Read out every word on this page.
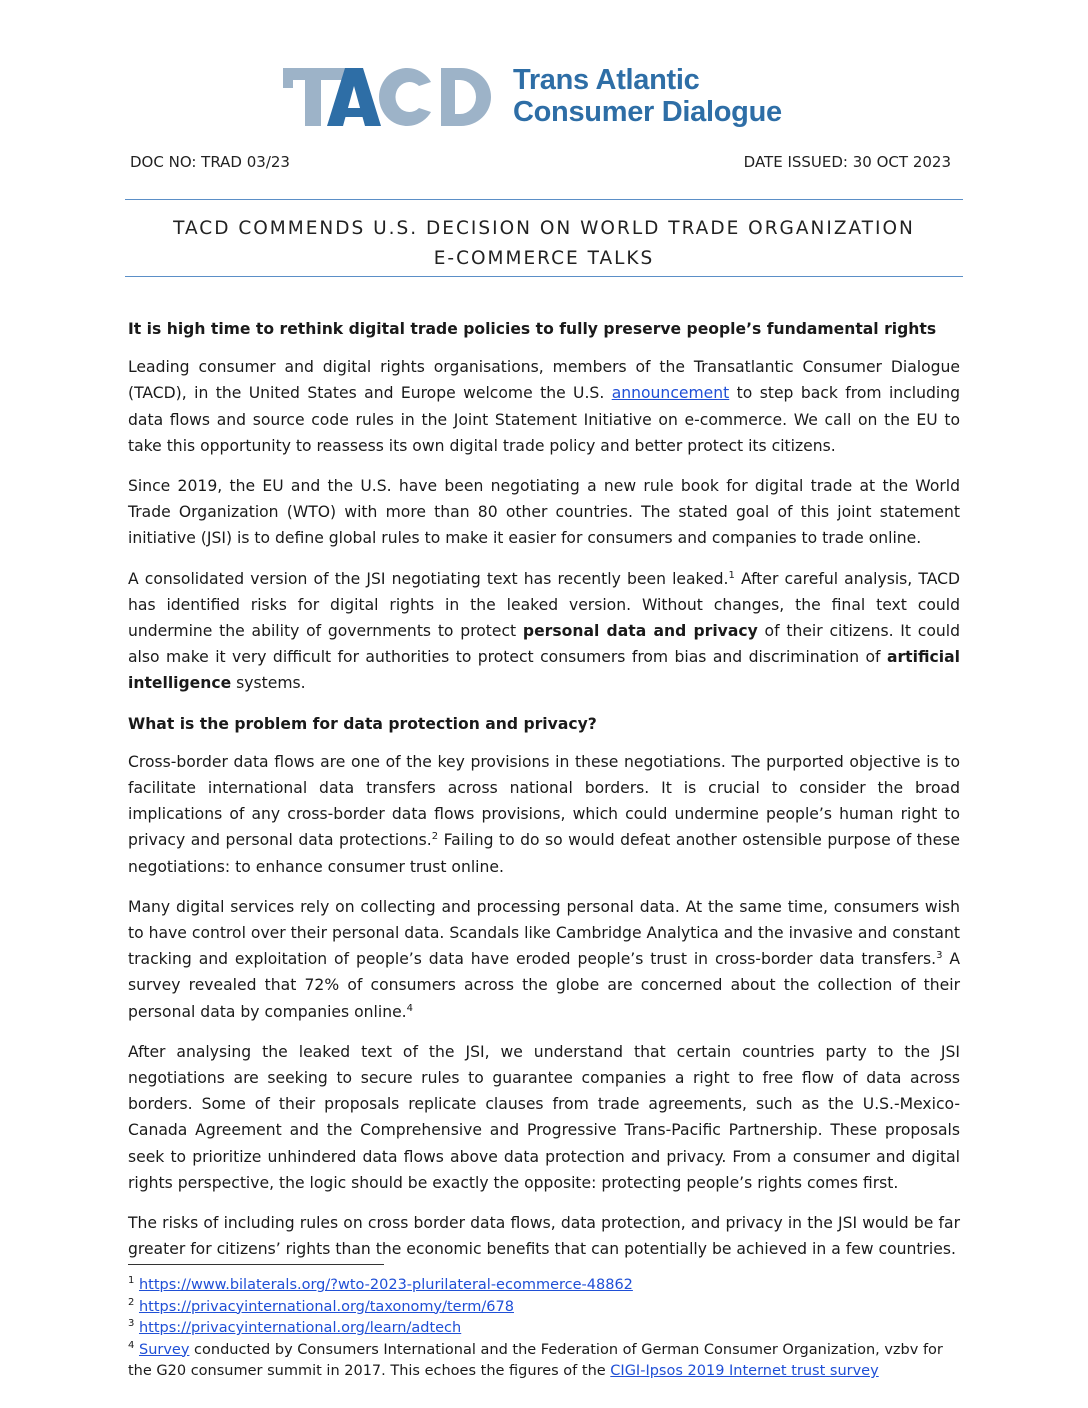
Trans Atlantic
Consumer Dialogue
DOC NO: TRAD 03/23	DATE ISSUED: 30 OCT 2023
TACD COMMENDS U.S. DECISION ON WORLD TRADE ORGANIZATION
E-COMMERCE TALKS

It is high time to rethink digital trade policies to fully preserve people’s fundamental rights

Leading consumer and digital rights organisations, members of the Transatlantic Consumer Dialogue (TACD), in the United States and Europe welcome the U.S. announcement to step back from including data flows and source code rules in the Joint Statement Initiative on e-commerce. We call on the EU to take this opportunity to reassess its own digital trade policy and better protect its citizens.

Since 2019, the EU and the U.S. have been negotiating a new rule book for digital trade at the World Trade Organization (WTO) with more than 80 other countries. The stated goal of this joint statement initiative (JSI) is to define global rules to make it easier for consumers and companies to trade online.

A consolidated version of the JSI negotiating text has recently been leaked.$^1$ After careful analysis, TACD has identified risks for digital rights in the leaked version. Without changes, the final text could undermine the ability of governments to protect personal data and privacy of their citizens. It could also make it very difficult for authorities to protect consumers from bias and discrimination of artificial intelligence systems.

What is the problem for data protection and privacy?

Cross-border data flows are one of the key provisions in these negotiations. The purported objective is to facilitate international data transfers across national borders. It is crucial to consider the broad implications of any cross-border data flows provisions, which could undermine people’s human right to privacy and personal data protections.$^2$ Failing to do so would defeat another ostensible purpose of these negotiations: to enhance consumer trust online.

Many digital services rely on collecting and processing personal data. At the same time, consumers wish to have control over their personal data. Scandals like Cambridge Analytica and the invasive and constant tracking and exploitation of people’s data have eroded people’s trust in cross-border data transfers.$^3$ A survey revealed that 72% of consumers across the globe are concerned about the collection of their personal data by companies online.$^4$

After analysing the leaked text of the JSI, we understand that certain countries party to the JSI negotiations are seeking to secure rules to guarantee companies a right to free flow of data across borders. Some of their proposals replicate clauses from trade agreements, such as the U.S.-Mexico-Canada Agreement and the Comprehensive and Progressive Trans-Pacific Partnership. These proposals seek to prioritize unhindered data flows above data protection and privacy. From a consumer and digital rights perspective, the logic should be exactly the opposite: protecting people’s rights comes first.

The risks of including rules on cross border data flows, data protection, and privacy in the JSI would be far greater for citizens’ rights than the economic benefits that can potentially be achieved in a few countries.

$^1$ https://www.bilaterals.org/?wto-2023-plurilateral-ecommerce-48862
$^2$ https://privacyinternational.org/taxonomy/term/678
$^3$ https://privacyinternational.org/learn/adtech
$^4$ Survey conducted by Consumers International and the Federation of German Consumer Organization, vzbv for the G20 consumer summit in 2017. This echoes the figures of the CIGI-Ipsos 2019 Internet trust survey
